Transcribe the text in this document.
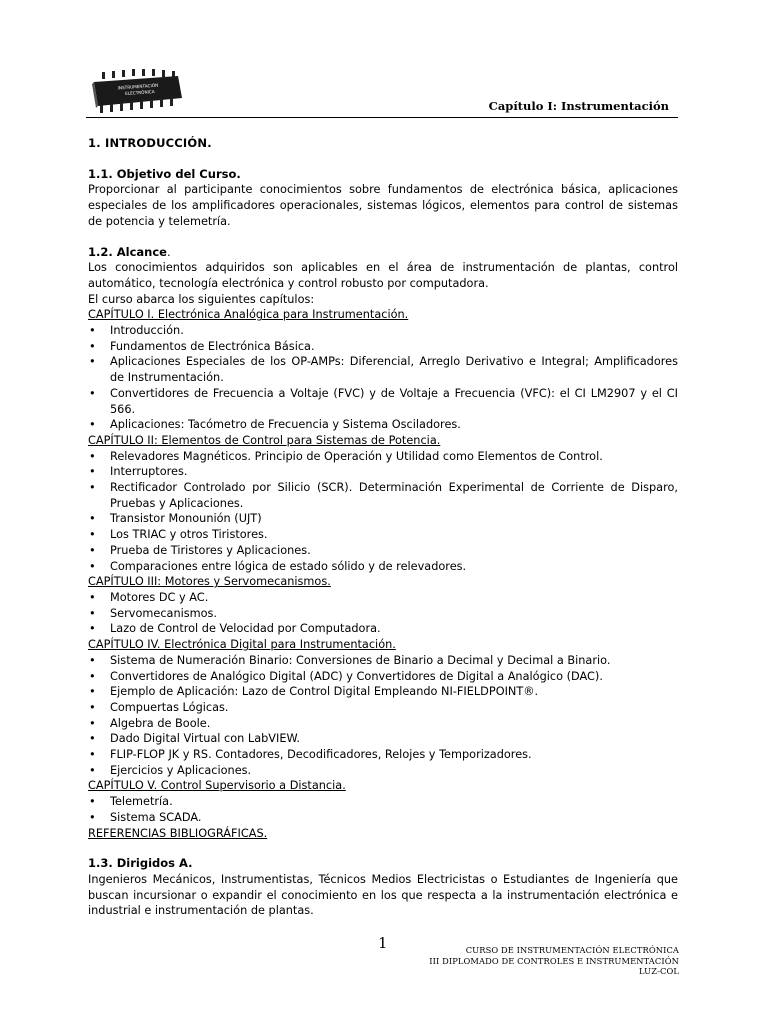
INSTRUMENTACIÓN
ELECTRÓNICA
Capítulo I: Instrumentación
1. INTRODUCCIÓN.
1.1. Objetivo del Curso.

Proporcionar al participante conocimientos sobre fundamentos de electrónica básica, aplicaciones especiales de los amplificadores operacionales, sistemas lógicos, elementos para control de sistemas de potencia y telemetría.

1.2. Alcance.

Los conocimientos adquiridos son aplicables en el área de instrumentación de plantas, control automático, tecnología electrónica y control robusto por computadora.

El curso abarca los siguientes capítulos:

CAPÍTULO I. Electrónica Analógica para Instrumentación.
• Introducción.
• Fundamentos de Electrónica Básica.
• Aplicaciones Especiales de los OP-AMPs: Diferencial, Arreglo Derivativo e Integral; Amplificadores de Instrumentación.
• Convertidores de Frecuencia a Voltaje (FVC) y de Voltaje a Frecuencia (VFC): el CI LM2907 y el CI 566.
• Aplicaciones: Tacómetro de Frecuencia y Sistema Osciladores.
CAPÍTULO II: Elementos de Control para Sistemas de Potencia.
• Relevadores Magnéticos. Principio de Operación y Utilidad como Elementos de Control.
• Interruptores.
• Rectificador Controlado por Silicio (SCR). Determinación Experimental de Corriente de Disparo, Pruebas y Aplicaciones.
• Transistor Monounión (UJT)
• Los TRIAC y otros Tiristores.
• Prueba de Tiristores y Aplicaciones.
• Comparaciones entre lógica de estado sólido y de relevadores.
CAPÍTULO III: Motores y Servomecanismos.
• Motores DC y AC.
• Servomecanismos.
• Lazo de Control de Velocidad por Computadora.
CAPÍTULO IV. Electrónica Digital para Instrumentación.
• Sistema de Numeración Binario: Conversiones de Binario a Decimal y Decimal a Binario.
• Convertidores de Analógico Digital (ADC) y Convertidores de Digital a Analógico (DAC).
• Ejemplo de Aplicación: Lazo de Control Digital Empleando NI-FIELDPOINT®.
• Compuertas Lógicas.
• Algebra de Boole.
• Dado Digital Virtual con LabVIEW.
• FLIP-FLOP JK y RS. Contadores, Decodificadores, Relojes y Temporizadores.
• Ejercicios y Aplicaciones.
CAPÍTULO V. Control Supervisorio a Distancia.
• Telemetría.
• Sistema SCADA.
REFERENCIAS BIBLIOGRÁFICAS.
1.3. Dirigidos A.

Ingenieros Mecánicos, Instrumentistas, Técnicos Medios Electricistas o Estudiantes de Ingeniería que buscan incursionar o expandir el conocimiento en los que respecta a la instrumentación electrónica e industrial e instrumentación de plantas.

1	CURSO DE INSTRUMENTACIÓN ELECTRÓNICA
III DIPLOMADO DE CONTROLES E INSTRUMENTACIÓN
LUZ-COL
